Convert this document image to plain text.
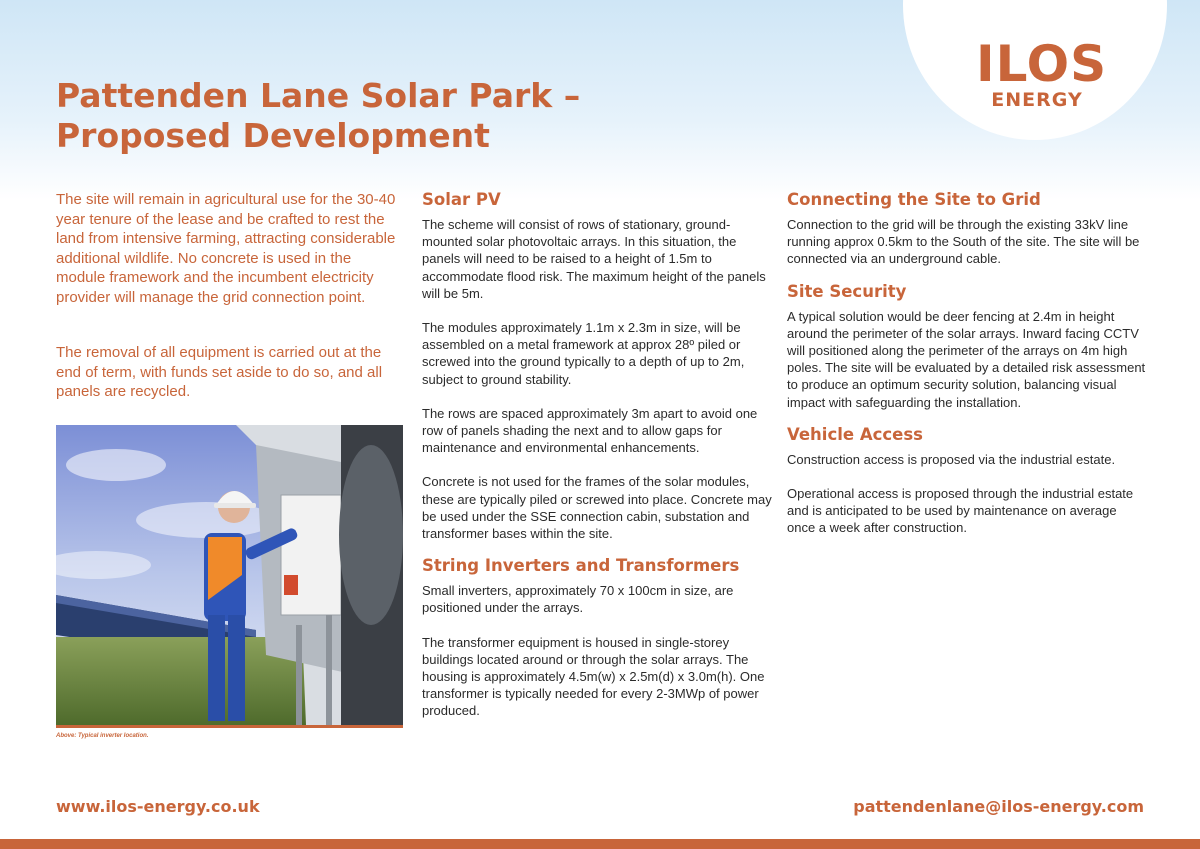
ILOS
ENERGY
Pattenden Lane Solar Park – Proposed Development

The site will remain in agricultural use for the 30-40 year tenure of the lease and be crafted to rest the land from intensive farming, attracting considerable additional wildlife. No concrete is used in the module framework and the incumbent electricity provider will manage the grid connection point.

The removal of all equipment is carried out at the end of term, with funds set aside to do so, and all panels are recycled.

Above: Typical inverter location.

Solar PV

The scheme will consist of rows of stationary, ground-mounted solar photovoltaic arrays. In this situation, the panels will need to be raised to a height of 1.5m to accommodate flood risk. The maximum height of the panels will be 5m.

The modules approximately 1.1m x 2.3m in size, will be assembled on a metal framework at approx 28º piled or screwed into the ground typically to a depth of up to 2m, subject to ground stability.

The rows are spaced approximately 3m apart to avoid one row of panels shading the next and to allow gaps for maintenance and environmental enhancements.

Concrete is not used for the frames of the solar modules, these are typically piled or screwed into place. Concrete may be used under the SSE connection cabin, substation and transformer bases within the site.

String Inverters and Transformers

Small inverters, approximately 70 x 100cm in size, are positioned under the arrays.

The transformer equipment is housed in single-storey buildings located around or through the solar arrays. The housing is approximately 4.5m(w) x 2.5m(d) x 3.0m(h). One transformer is typically needed for every 2-3MWp of power produced.

Connecting the Site to Grid

Connection to the grid will be through the existing 33kV line running approx 0.5km to the South of the site. The site will be connected via an underground cable.

Site Security

A typical solution would be deer fencing at 2.4m in height around the perimeter of the solar arrays. Inward facing CCTV will positioned along the perimeter of the arrays on 4m high poles. The site will be evaluated by a detailed risk assessment to produce an optimum security solution, balancing visual impact with safeguarding the installation.

Vehicle Access

Construction access is proposed via the industrial estate.

Operational access is proposed through the industrial estate and is anticipated to be used by maintenance on average once a week after construction.

www.ilos-energy.co.uk	pattendenlane@ilos-energy.com
